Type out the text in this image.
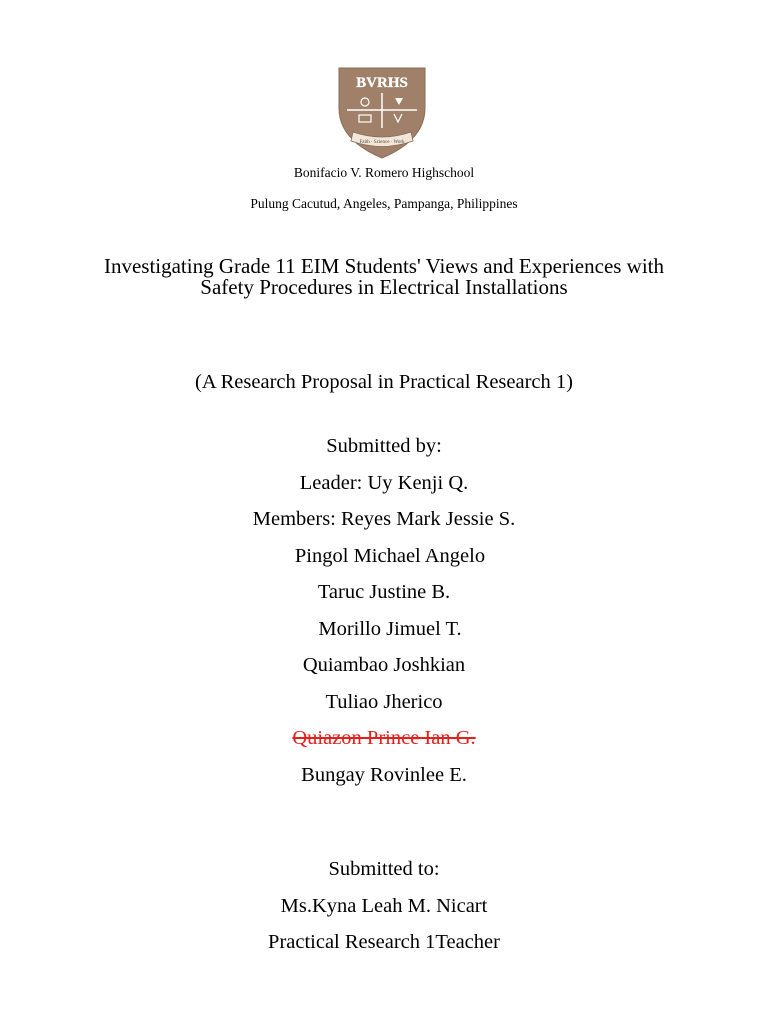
BVRHS
Faith · Science · Work
Bonifacio V. Romero Highschool
Pulung Cacutud, Angeles, Pampanga, Philippines
Investigating Grade 11 EIM Students' Views and Experiences with
Safety Procedures in Electrical Installations
(A Research Proposal in Practical Research 1)
Submitted by:
Leader: Uy Kenji Q.
Members: Reyes Mark Jessie S.
Pingol Michael Angelo
Taruc Justine B.
Morillo Jimuel T.
Quiambao Joshkian
Tuliao Jherico
Quiazon Prince Ian G.
Bungay Rovinlee E.
Submitted to:
Ms.Kyna Leah M. Nicart
Practical Research 1Teacher
